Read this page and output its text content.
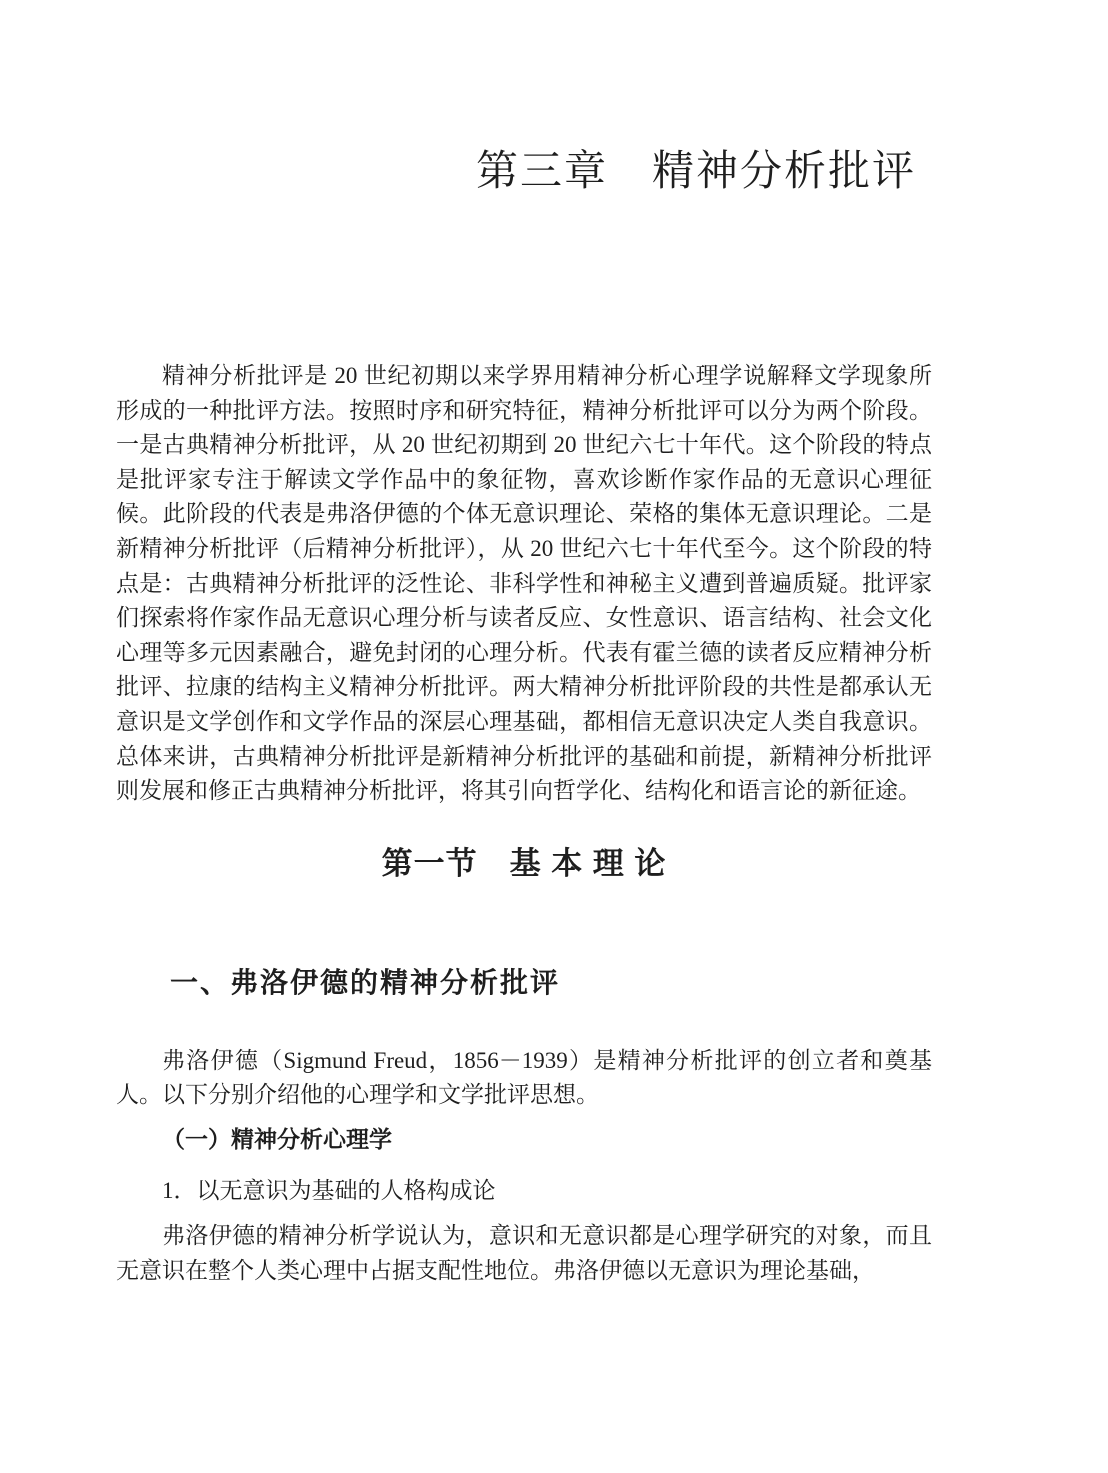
第三章　精神分析批评

精神分析批评是 20 世纪初期以来学界用精神分析心理学说解释文学现象所形成的一种批评方法。按照时序和研究特征，精神分析批评可以分为两个阶段。一是古典精神分析批评，从 20 世纪初期到 20 世纪六七十年代。这个阶段的特点是批评家专注于解读文学作品中的象征物，喜欢诊断作家作品的无意识心理征候。此阶段的代表是弗洛伊德的个体无意识理论、荣格的集体无意识理论。二是新精神分析批评（后精神分析批评），从 20 世纪六七十年代至今。这个阶段的特点是：古典精神分析批评的泛性论、非科学性和神秘主义遭到普遍质疑。批评家们探索将作家作品无意识心理分析与读者反应、女性意识、语言结构、社会文化心理等多元因素融合，避免封闭的心理分析。代表有霍兰德的读者反应精神分析批评、拉康的结构主义精神分析批评。两大精神分析批评阶段的共性是都承认无意识是文学创作和文学作品的深层心理基础，都相信无意识决定人类自我意识。总体来讲，古典精神分析批评是新精神分析批评的基础和前提，新精神分析批评则发展和修正古典精神分析批评，将其引向哲学化、结构化和语言论的新征途。

第一节　基 本 理 论
一、弗洛伊德的精神分析批评

弗洛伊德（Sigmund Freud，1856－1939）是精神分析批评的创立者和奠基人。以下分别介绍他的心理学和文学批评思想。

（一）精神分析心理学
1．以无意识为基础的人格构成论

弗洛伊德的精神分析学说认为，意识和无意识都是心理学研究的对象，而且无意识在整个人类心理中占据支配性地位。弗洛伊德以无意识为理论基础，
